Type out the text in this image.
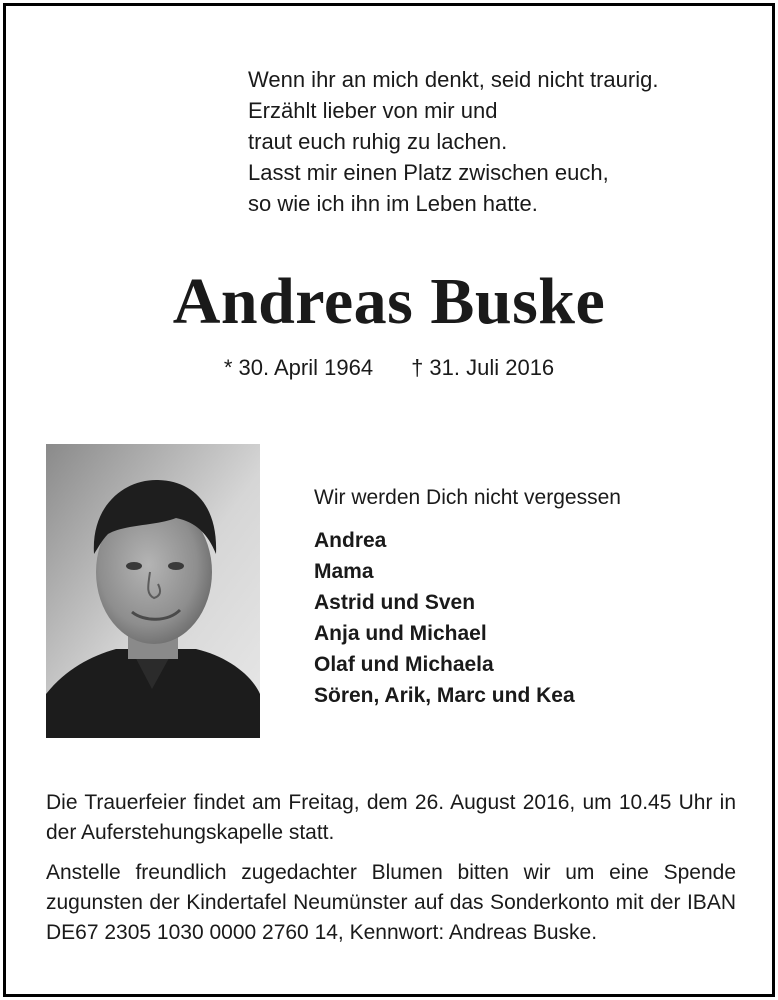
Wenn ihr an mich denkt, seid nicht traurig.
Erzählt lieber von mir und
traut euch ruhig zu lachen.
Lasst mir einen Platz zwischen euch,
so wie ich ihn im Leben hatte.
Andreas Buske
* 30. April 1964 † 31. Juli 2016
Wir werden Dich nicht vergessen
Andrea
Mama
Astrid und Sven
Anja und Michael
Olaf und Michaela
Sören, Arik, Marc und Kea
Die Trauerfeier findet am Freitag, dem 26. August 2016, um 10.45 Uhr in der Auferstehungskapelle statt.
Anstelle freundlich zugedachter Blumen bitten wir um eine Spende zugunsten der Kindertafel Neumünster auf das Sonderkonto mit der IBAN DE67 2305 1030 0000 2760 14, Kennwort: Andreas Buske.
